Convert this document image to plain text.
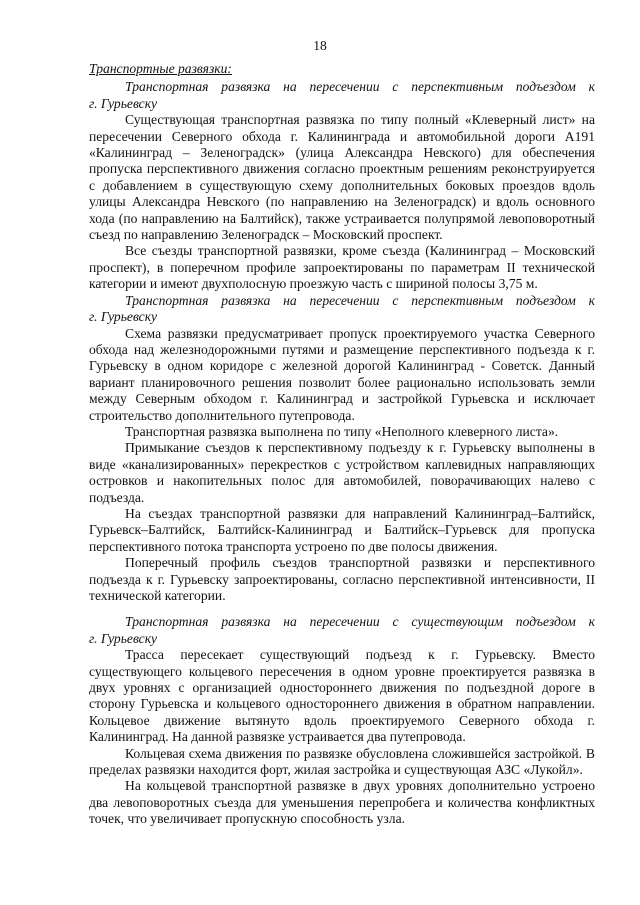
18
Транспортные развязки:
Транспортная развязка на пересечении с перспективным подъездом к
г. Гурьевску

Существующая транспортная развязка по типу полный «Клеверный лист» на пересечении Северного обхода г. Калининграда и автомобильной дороги А191 «Калининград – Зеленоградск» (улица Александра Невского) для обеспечения пропуска перспективного движения согласно проектным решениям реконструируется с добавлением в существующую схему дополнительных боковых проездов вдоль улицы Александра Невского (по направлению на Зеленоградск) и вдоль основного хода (по направлению на Балтийск), также устраивается полупрямой левоповоротный съезд по направлению Зеленоградск – Московский проспект.

Все съезды транспортной развязки, кроме съезда (Калининград – Московский проспект), в поперечном профиле запроектированы по параметрам II технической категории и имеют двухполосную проезжую часть с шириной полосы 3,75 м.

Транспортная развязка на пересечении с перспективным подъездом к
г. Гурьевску

Схема развязки предусматривает пропуск проектируемого участка Северного обхода над железнодорожными путями и размещение перспективного подъезда к г. Гурьевску в одном коридоре с железной дорогой Калининград - Советск. Данный вариант планировочного решения позволит более рационально использовать земли между Северным обходом г. Калининград и застройкой Гурьевска и исключает строительство дополнительного путепровода.

Транспортная развязка выполнена по типу «Неполного клеверного листа».

Примыкание съездов к перспективному подъезду к г. Гурьевску выполнены в виде «канализированных» перекрестков с устройством каплевидных направляющих островков и накопительных полос для автомобилей, поворачивающих налево с подъезда.

На съездах транспортной развязки для направлений Калининград–Балтийск, Гурьевск–Балтийск, Балтийск-Калининград и Балтийск–Гурьевск для пропуска перспективного потока транспорта устроено по две полосы движения.

Поперечный профиль съездов транспортной развязки и перспективного подъезда к г. Гурьевску запроектированы, согласно перспективной интенсивности, II технической категории.

Транспортная развязка на пересечении с существующим подъездом к
г. Гурьевску

Трасса пересекает существующий подъезд к г. Гурьевску. Вместо существующего кольцевого пересечения в одном уровне проектируется развязка в двух уровнях с организацией одностороннего движения по подъездной дороге в сторону Гурьевска и кольцевого одностороннего движения в обратном направлении. Кольцевое движение вытянуто вдоль проектируемого Северного обхода г. Калининград. На данной развязке устраивается два путепровода.

Кольцевая схема движения по развязке обусловлена сложившейся застройкой. В пределах развязки находится форт, жилая застройка и существующая АЗС «Лукойл».

На кольцевой транспортной развязке в двух уровнях дополнительно устроено два левоповоротных съезда для уменьшения перепробега и количества конфликтных точек, что увеличивает пропускную способность узла.
